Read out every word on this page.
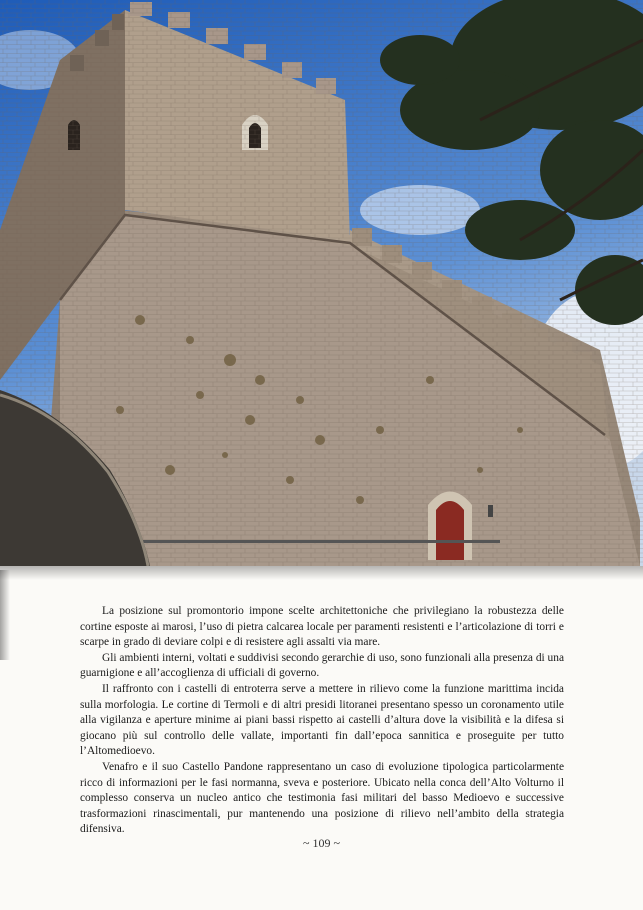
La posizione sul promontorio impone scelte architettoniche che privilegiano la robustezza delle cortine esposte ai marosi, l’uso di pietra calcarea locale per paramenti resistenti e l’articolazione di torri e scarpe in grado di deviare colpi e di resistere agli assalti via mare.

Gli ambienti interni, voltati e suddivisi secondo gerarchie di uso, sono funzionali alla presenza di una guarnigione e all’accoglienza di ufficiali di governo.

Il raffronto con i castelli di entroterra serve a mettere in rilievo come la funzione marittima incida sulla morfologia. Le cortine di Termoli e di altri presidi litoranei presentano spesso un coronamento utile alla vigilanza e aperture minime ai piani bassi rispetto ai castelli d’altura dove la visibilità e la difesa si giocano più sul controllo delle vallate, importanti fin dall’epoca sannitica e proseguite per tutto l’Altomedioevo.

Venafro e il suo Castello Pandone rappresentano un caso di evoluzione tipologica particolarmente ricco di informazioni per le fasi normanna, sveva e posteriore. Ubicato nella conca dell’Alto Volturno il complesso conserva un nucleo antico che testimonia fasi militari del basso Medioevo e successive trasformazioni rinascimentali, pur mantenendo una posizione di rilievo nell’ambito della strategia difensiva.

~ 109 ~
